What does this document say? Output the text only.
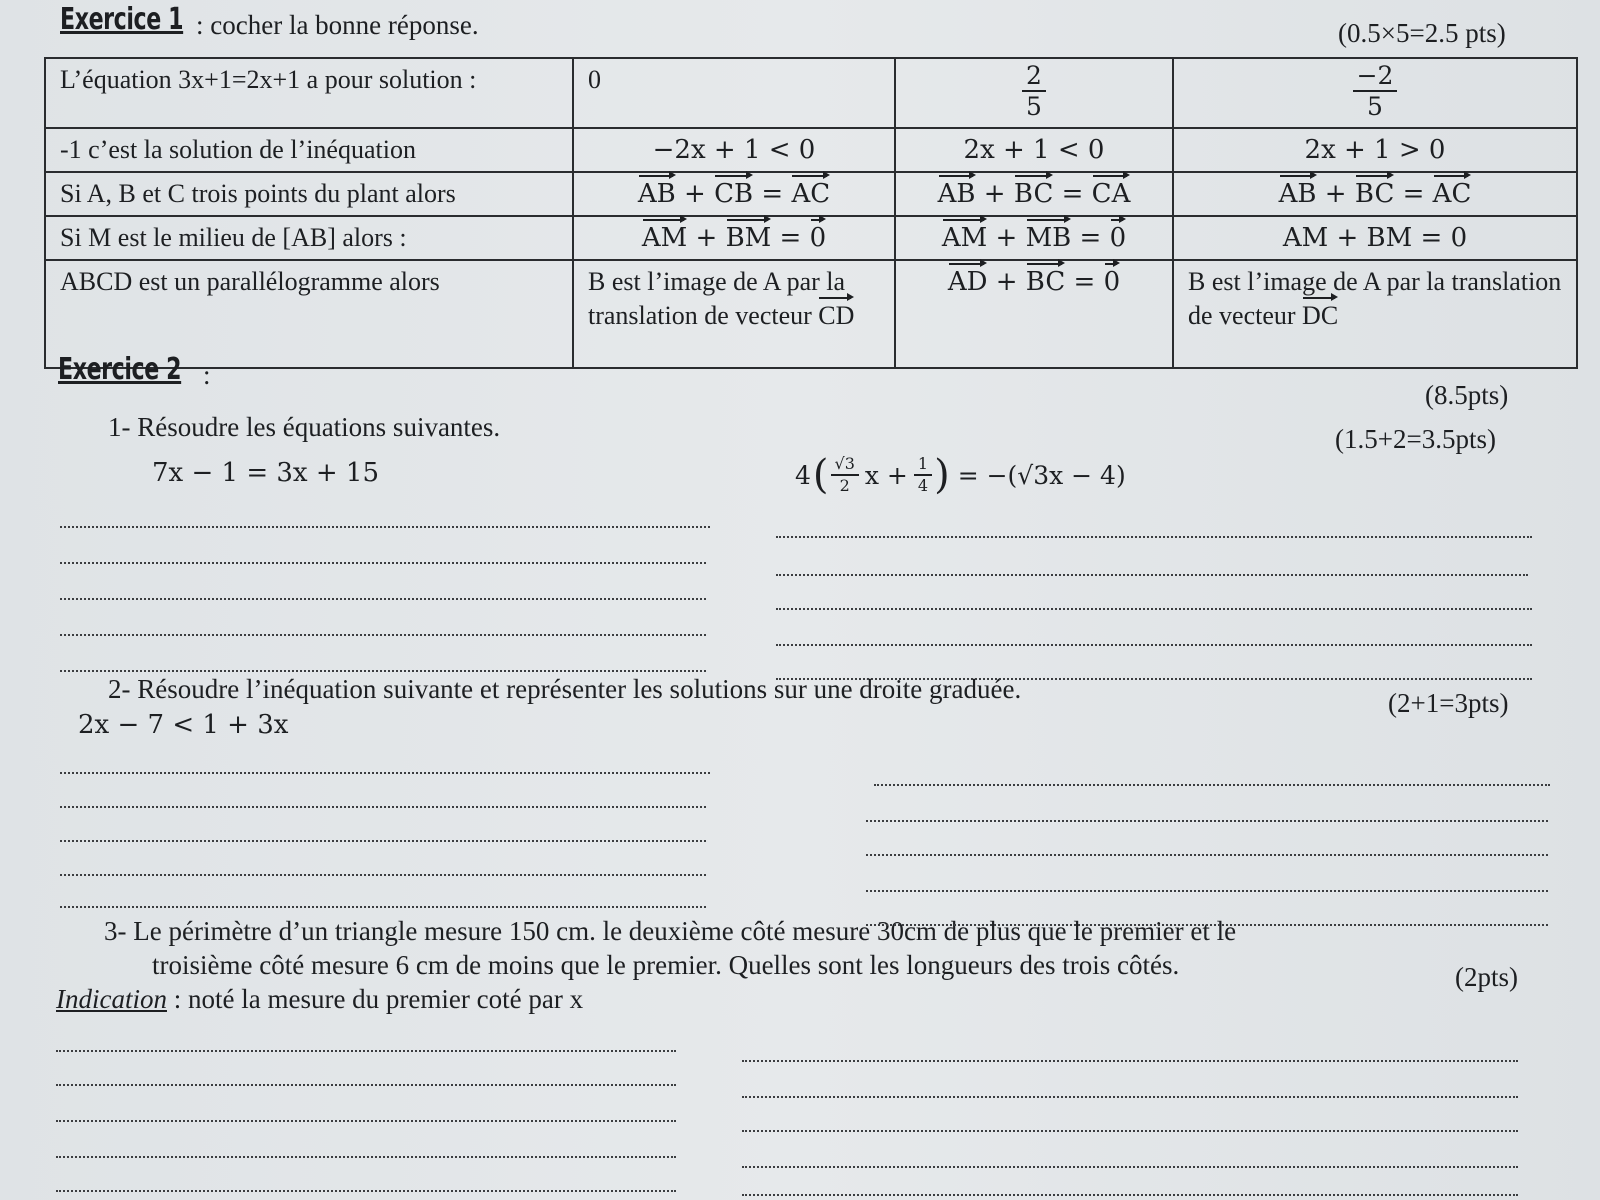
Exercice 1 : cocher la bonne réponse.	(0.5×5=2.5 pts)
L’équation 3x+1=2x+1 a pour solution :	0	$\frac{2}{5}$	$\frac{-2}{5}$

-1 c’est la solution de l’inéquation	−2x + 1 < 0	2x + 1 < 0	2x + 1 > 0
Si A, B et C trois points du plant alors	AB + CB = AC	AB + BC = CA	AB + BC = AC
Si M est le milieu de [AB] alors :	AM + BM = 0	AM + MB = 0	AM + BM = 0
ABCD est un parallélogramme alors	B est l’image de A par la translation de vecteur CD	AD + BC = 0	B est l’image de A par la translation de vecteur DC
Exercice 2 :
(8.5pts)
1- Résoudre les équations suivantes.	(1.5+2=3.5pts)
7x − 1 = 3x + 15	4 ( $\frac{√3}{2}$ $x + \frac{1}{4}$ ) = −(√3x − 4)
2- Résoudre l’inéquation suivante et représenter les solutions sur une droite graduée.	(2+1=3pts)
2x − 7 < 1 + 3x
3- Le périmètre d’un triangle mesure 150 cm. le deuxième côté mesure 30cm de plus que le premier et le
troisième côté mesure 6 cm de moins que le premier. Quelles sont les longueurs des trois côtés.	(2pts)
Indication : noté la mesure du premier coté par x
